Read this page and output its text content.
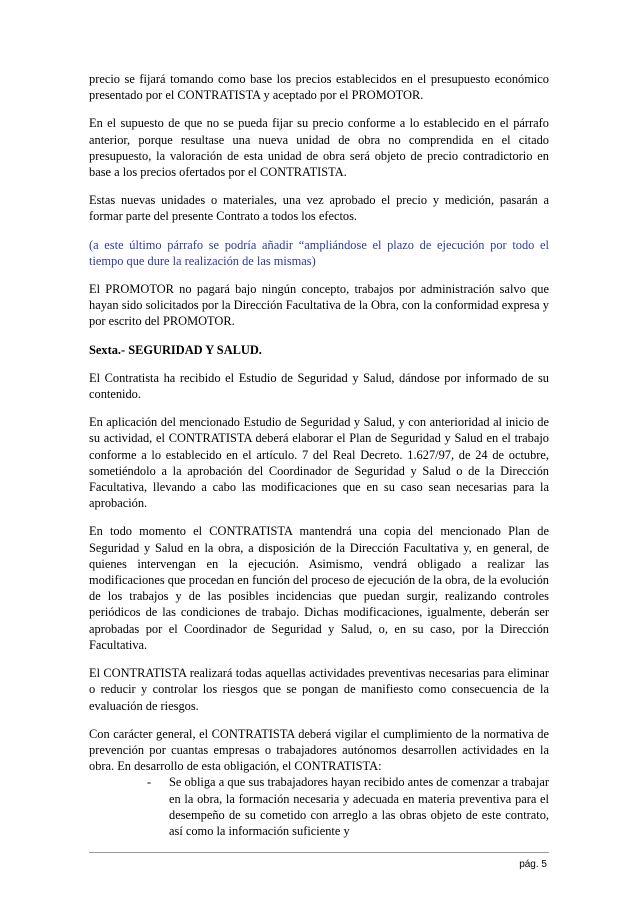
precio se fijará tomando como base los precios establecidos en el presupuesto económico presentado por el CONTRATISTA y aceptado por el PROMOTOR.

En el supuesto de que no se pueda fijar su precio conforme a lo establecido en el párrafo anterior, porque resultase una nueva unidad de obra no comprendida en el citado presupuesto, la valoración de esta unidad de obra será objeto de precio contradictorio en base a los precios ofertados por el CONTRATISTA.

Estas nuevas unidades o materiales, una vez aprobado el precio y medición, pasarán a formar parte del presente Contrato a todos los efectos.

(a este último párrafo se podría añadir “ampliándose el plazo de ejecución por todo el tiempo que dure la realización de las mismas)

El PROMOTOR no pagará bajo ningún concepto, trabajos por administración salvo que hayan sido solicitados por la Dirección Facultativa de la Obra, con la conformidad expresa y por escrito del PROMOTOR.

Sexta.- SEGURIDAD Y SALUD.

El Contratista ha recibido el Estudio de Seguridad y Salud, dándose por informado de su contenido.

En aplicación del mencionado Estudio de Seguridad y Salud, y con anterioridad al inicio de su actividad, el CONTRATISTA deberá elaborar el Plan de Seguridad y Salud en el trabajo conforme a lo establecido en el artículo. 7 del Real Decreto. 1.627/97, de 24 de octubre, sometiéndolo a la aprobación del Coordinador de Seguridad y Salud o de la Dirección Facultativa, llevando a cabo las modificaciones que en su caso sean necesarias para la aprobación.

En todo momento el CONTRATISTA mantendrá una copia del mencionado Plan de Seguridad y Salud en la obra, a disposición de la Dirección Facultativa y, en general, de quienes intervengan en la ejecución. Asimismo, vendrá obligado a realizar las modificaciones que procedan en función del proceso de ejecución de la obra, de la evolución de los trabajos y de las posibles incidencias que puedan surgir, realizando controles periódicos de las condiciones de trabajo. Dichas modificaciones, igualmente, deberán ser aprobadas por el Coordinador de Seguridad y Salud, o, en su caso, por la Dirección Facultativa.

El CONTRATISTA realizará todas aquellas actividades preventivas necesarias para eliminar o reducir y controlar los riesgos que se pongan de manifiesto como consecuencia de la evaluación de riesgos.

Con carácter general, el CONTRATISTA deberá vigilar el cumplimiento de la normativa de prevención por cuantas empresas o trabajadores autónomos desarrollen actividades en la obra. En desarrollo de esta obligación, el CONTRATISTA:

- Se obliga a que sus trabajadores hayan recibido antes de comenzar a trabajar en la obra, la formación necesaria y adecuada en materia preventiva para el desempeño de su cometido con arreglo a las obras objeto de este contrato, así como la información suficiente y
pág. 5
